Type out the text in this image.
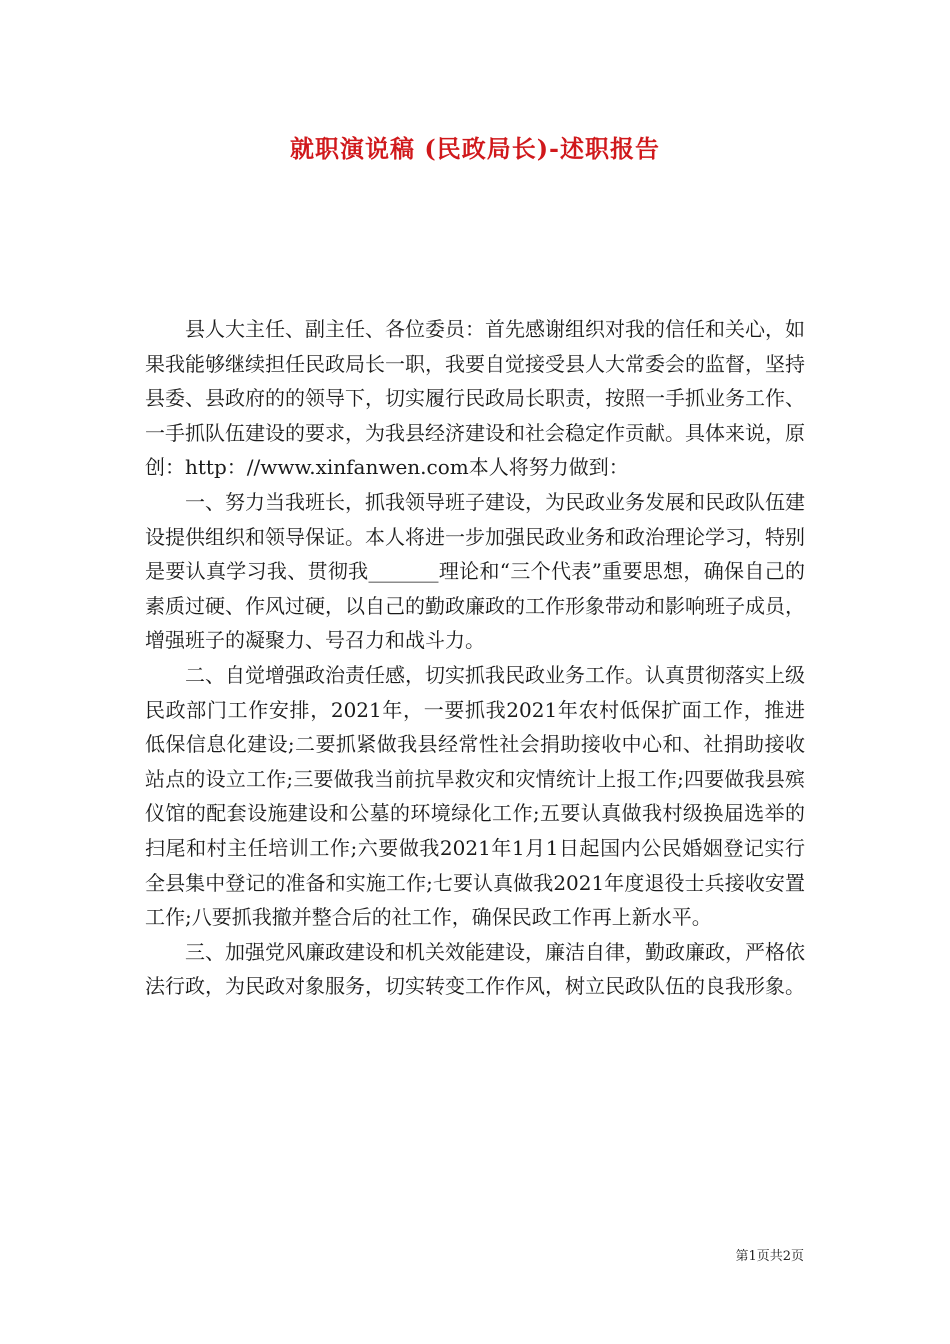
就职演说稿 (民政局长)-述职报告

县人大主任、副主任、各位委员：首先感谢组织对我的信任和关心，如果我能够继续担任民政局长一职，我要自觉接受县人大常委会的监督，坚持县委、县政府的的领导下，切实履行民政局长职责，按照一手抓业务工作、一手抓队伍建设的要求，为我县经济建设和社会稳定作贡献。具体来说，原创：http：//www.xinfanwen.com本人将努力做到：

一、努力当我班长，抓我领导班子建设，为民政业务发展和民政队伍建设提供组织和领导保证。本人将进一步加强民政业务和政治理论学习，特别是要认真学习我、贯彻我_______理论和“三个代表”重要思想，确保自己的素质过硬、作风过硬，以自己的勤政廉政的工作形象带动和影响班子成员，增强班子的凝聚力、号召力和战斗力。

二、自觉增强政治责任感，切实抓我民政业务工作。认真贯彻落实上级民政部门工作安排，2021年，一要抓我2021年农村低保扩面工作，推进低保信息化建设;二要抓紧做我县经常性社会捐助接收中心和、社捐助接收站点的设立工作;三要做我当前抗旱救灾和灾情统计上报工作;四要做我县殡仪馆的配套设施建设和公墓的环境绿化工作;五要认真做我村级换届选举的扫尾和村主任培训工作;六要做我2021年1月1日起国内公民婚姻登记实行全县集中登记的准备和实施工作;七要认真做我2021年度退役士兵接收安置工作;八要抓我撤并整合后的社工作，确保民政工作再上新水平。

三、加强党风廉政建设和机关效能建设，廉洁自律，勤政廉政，严格依法行政，为民政对象服务，切实转变工作作风，树立民政队伍的良我形象。

第1页共2页
